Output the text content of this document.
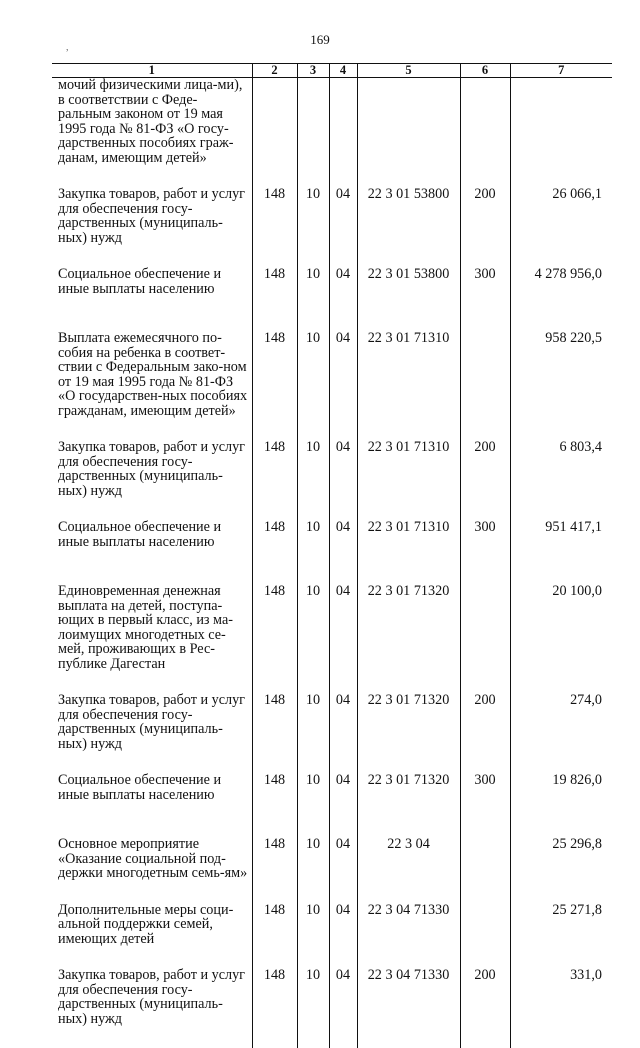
169
,
1	2	3	4	5	6	7

мочий физическими лица-ми), в соответствии с Феде-ральным законом от 19 мая 1995 года № 81-ФЗ «О госу-дарственных пособиях граж-данам, имеющим детей»						

Закупка товаров, работ и услуг для обеспечения госу-дарственных (муниципаль-ных) нужд	148	10	04	22 3 01 53800	200	26 066,1

Социальное обеспечение и иные выплаты населению	148	10	04	22 3 01 53800	300	4 278 956,0

Выплата ежемесячного по-собия на ребенка в соответ-ствии с Федеральным зако-ном от 19 мая 1995 года № 81-ФЗ «О государствен-ных пособиях гражданам, имеющим детей»	148	10	04	22 3 01 71310		958 220,5

Закупка товаров, работ и услуг для обеспечения госу-дарственных (муниципаль-ных) нужд	148	10	04	22 3 01 71310	200	6 803,4

Социальное обеспечение и иные выплаты населению	148	10	04	22 3 01 71310	300	951 417,1

Единовременная денежная выплата на детей, поступа-ющих в первый класс, из ма-лоимущих многодетных се-мей, проживающих в Рес-публике Дагестан	148	10	04	22 3 01 71320		20 100,0

Закупка товаров, работ и услуг для обеспечения госу-дарственных (муниципаль-ных) нужд	148	10	04	22 3 01 71320	200	274,0

Социальное обеспечение и иные выплаты населению	148	10	04	22 3 01 71320	300	19 826,0

Основное мероприятие «Оказание социальной под-держки многодетным семь-ям»	148	10	04	22 3 04		25 296,8

Дополнительные меры соци-альной поддержки семей, имеющих детей	148	10	04	22 3 04 71330		25 271,8

Закупка товаров, работ и услуг для обеспечения госу-дарственных (муниципаль-ных) нужд	148	10	04	22 3 04 71330	200	331,0
